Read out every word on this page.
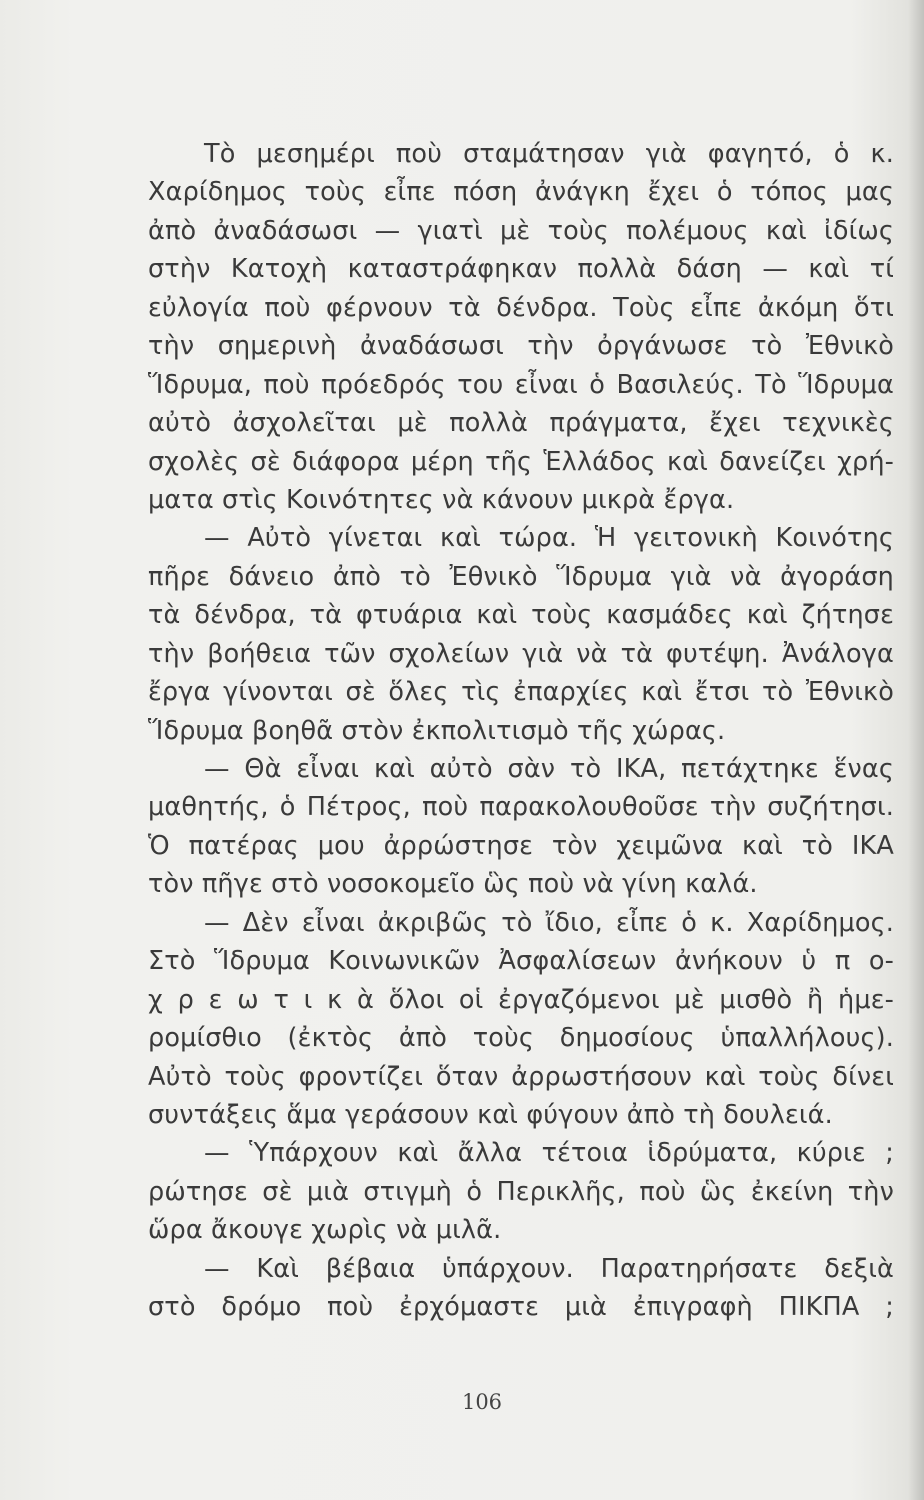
Τὸ μεσημέρι ποὺ σταμάτησαν γιὰ φαγητό, ὁ κ.
Χαρίδημος τοὺς εἶπε πόση ἀνάγκη ἔχει ὁ τόπος μας
ἀπὸ ἀναδάσωσι — γιατὶ μὲ τοὺς πολέμους καὶ ἰδίως
στὴν Κατοχὴ καταστράφηκαν πολλὰ δάση — καὶ τί
εὐλογία ποὺ φέρνουν τὰ δένδρα. Τοὺς εἶπε ἀκόμη ὅτι
τὴν σημερινὴ ἀναδάσωσι τὴν ὀργάνωσε τὸ Ἐθνικὸ
Ἵδρυμα, ποὺ πρόεδρός του εἶναι ὁ Βασιλεύς. Τὸ Ἵδρυμα
αὐτὸ ἀσχολεῖται μὲ πολλὰ πράγματα, ἔχει τεχνικὲς
σχολὲς σὲ διάφορα μέρη τῆς Ἑλλάδος καὶ δανείζει χρή-
ματα στὶς Κοινότητες νὰ κάνουν μικρὰ ἔργα.
— Αὐτὸ γίνεται καὶ τώρα. Ἡ γειτονικὴ Κοινότης
πῆρε δάνειο ἀπὸ τὸ Ἐθνικὸ Ἵδρυμα γιὰ νὰ ἀγοράση
τὰ δένδρα, τὰ φτυάρια καὶ τοὺς κασμάδες καὶ ζήτησε
τὴν βοήθεια τῶν σχολείων γιὰ νὰ τὰ φυτέψη. Ἀνάλογα
ἔργα γίνονται σὲ ὅλες τὶς ἐπαρχίες καὶ ἔτσι τὸ Ἐθνικὸ
Ἵδρυμα βοηθᾶ στὸν ἐκπολιτισμὸ τῆς χώρας.
— Θὰ εἶναι καὶ αὐτὸ σὰν τὸ ΙΚΑ, πετάχτηκε ἕνας
μαθητής, ὁ Πέτρος, ποὺ παρακολουθοῦσε τὴν συζήτησι.
Ὁ πατέρας μου ἀρρώστησε τὸν χειμῶνα καὶ τὸ ΙΚΑ
τὸν πῆγε στὸ νοσοκομεῖο ὣς ποὺ νὰ γίνη καλά.
— Δὲν εἶναι ἀκριβῶς τὸ ἴδιο, εἶπε ὁ κ. Χαρίδημος.
Στὸ Ἵδρυμα Κοινωνικῶν Ἀσφαλίσεων ἀνήκουν ὑ π ο-
χ ρ ε ω τ ι κ ὰ ὅλοι οἱ ἐργαζόμενοι μὲ μισθὸ ἢ ἡμε-
ρομίσθιο (ἐκτὸς ἀπὸ τοὺς δημοσίους ὑπαλλήλους).
Αὐτὸ τοὺς φροντίζει ὅταν ἀρρωστήσουν καὶ τοὺς δίνει
συντάξεις ἅμα γεράσουν καὶ φύγουν ἀπὸ τὴ δουλειά.
— Ὑπάρχουν καὶ ἄλλα τέτοια ἱδρύματα, κύριε ;
ρώτησε σὲ μιὰ στιγμὴ ὁ Περικλῆς, ποὺ ὣς ἐκείνη τὴν
ὥρα ἄκουγε χωρὶς νὰ μιλᾶ.
— Καὶ βέβαια ὑπάρχουν. Παρατηρήσατε δεξιὰ
στὸ δρόμο ποὺ ἐρχόμαστε μιὰ ἐπιγραφὴ ΠΙΚΠΑ ;
106
